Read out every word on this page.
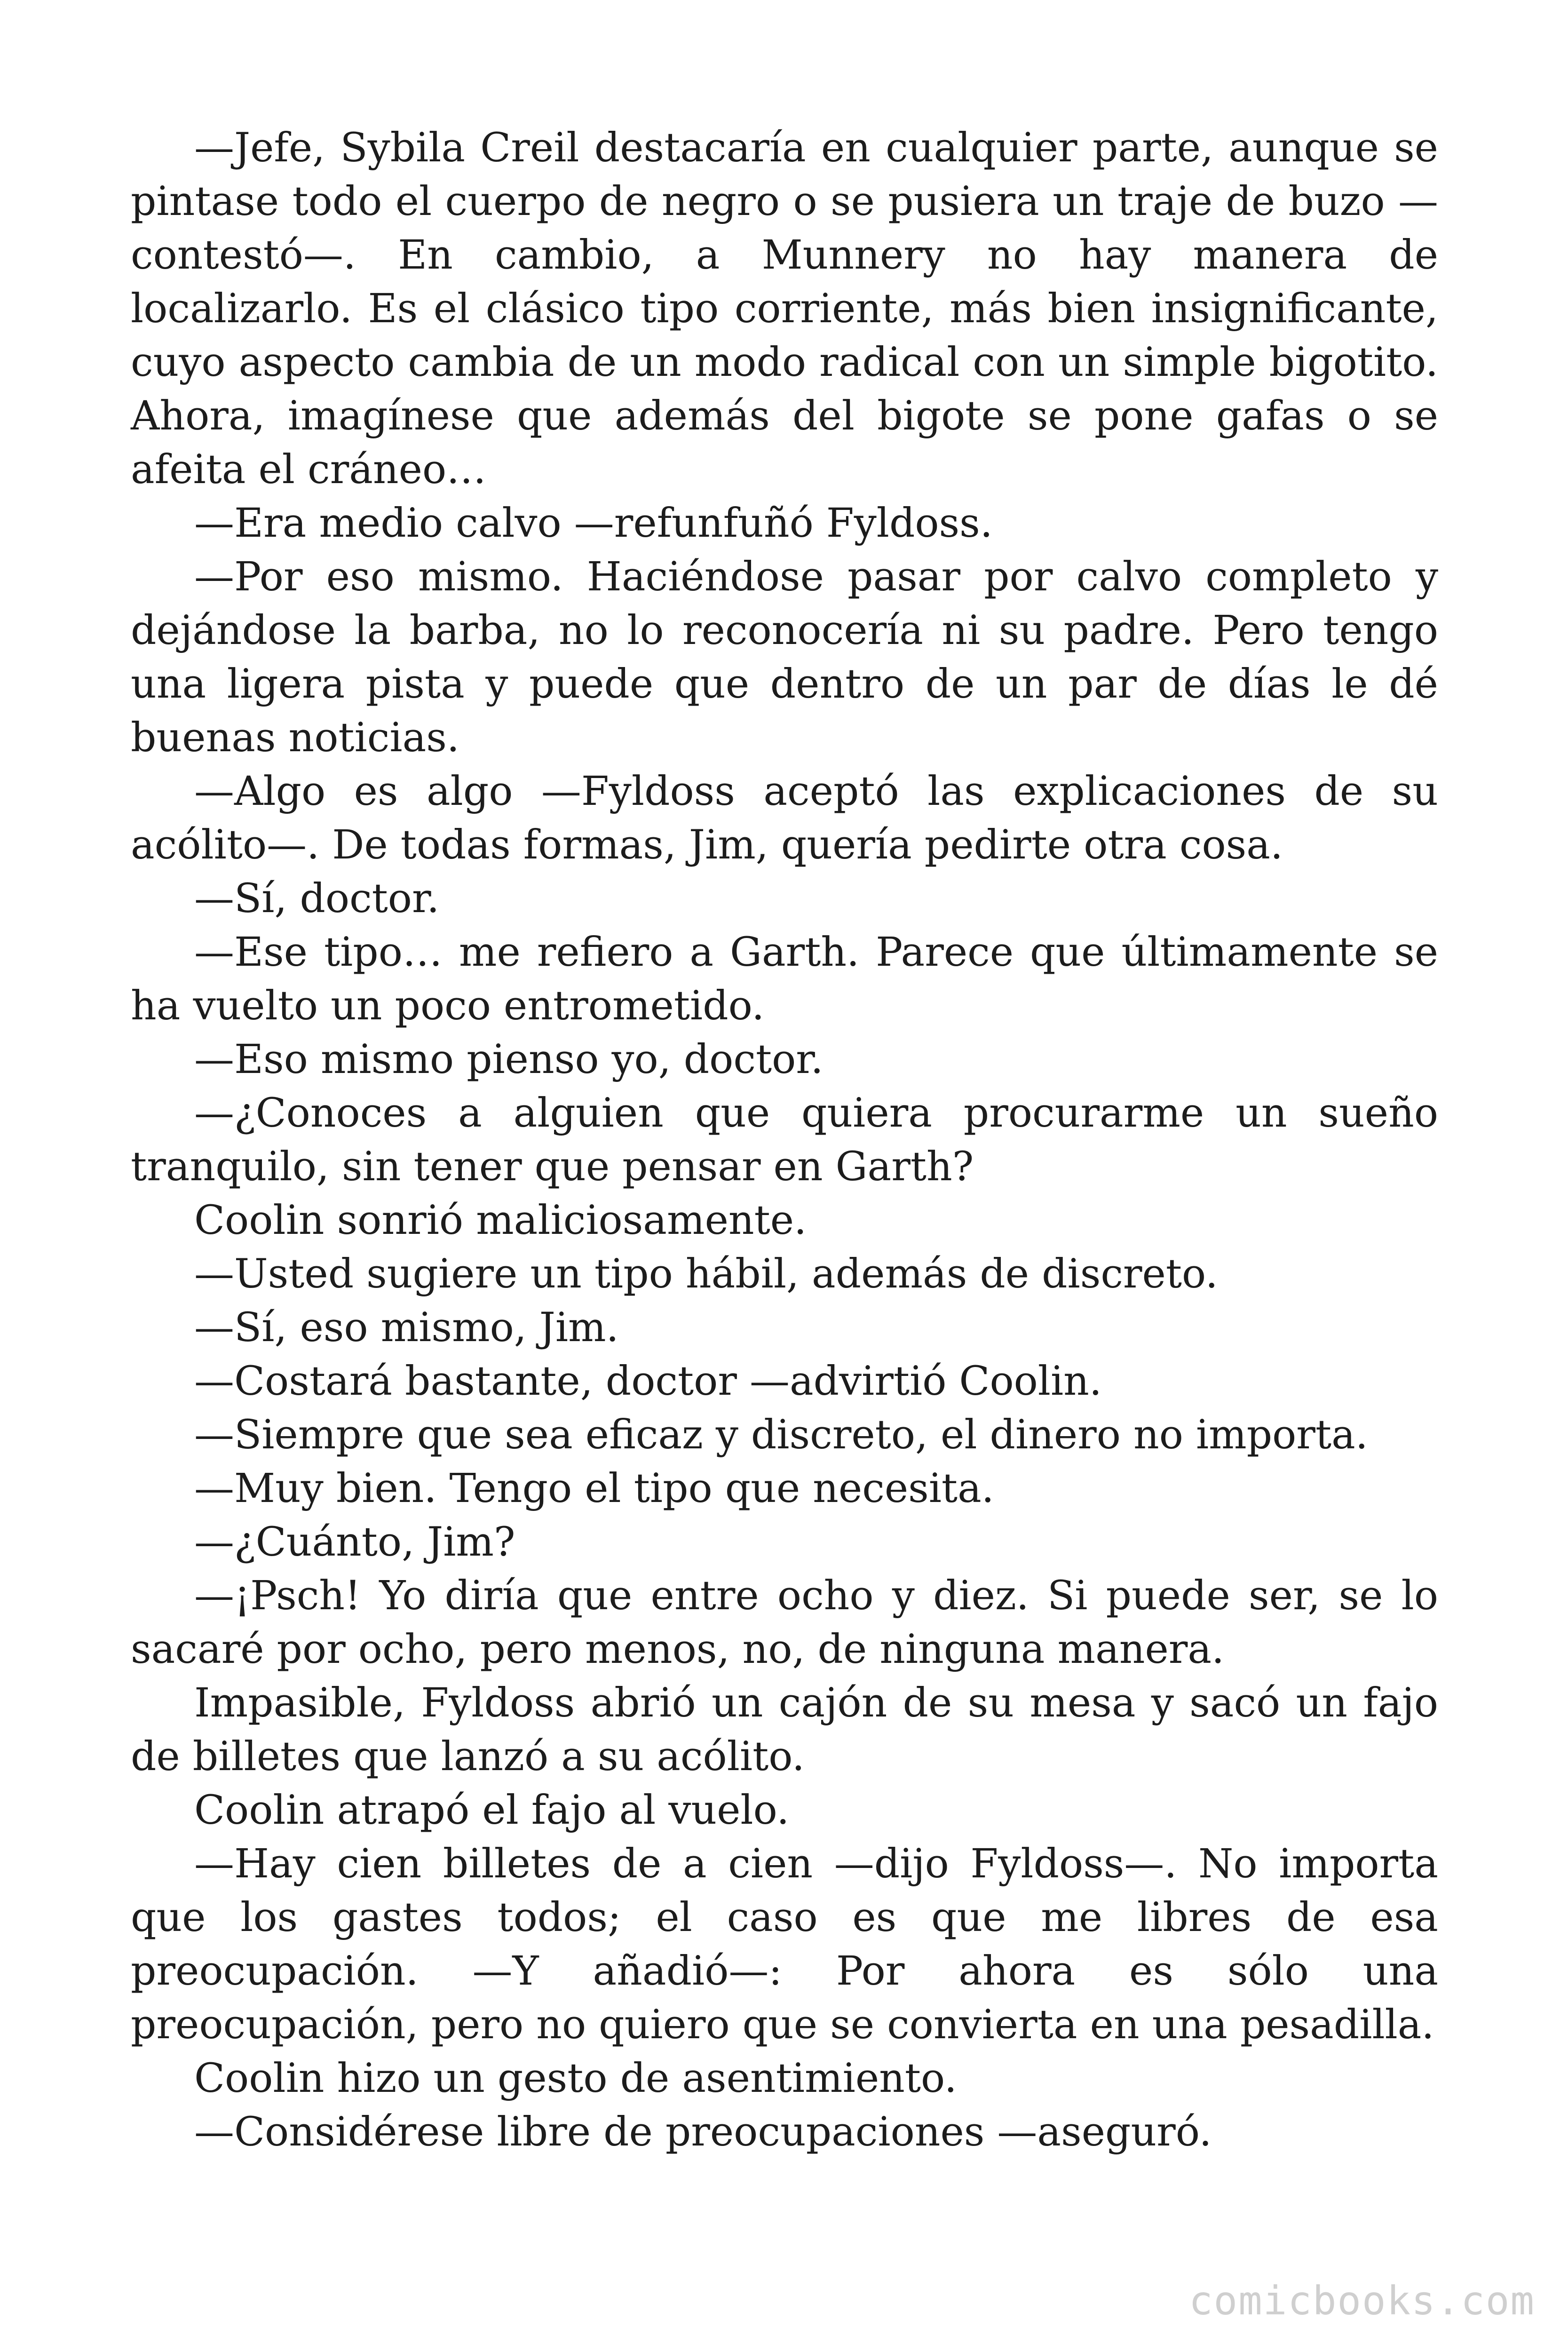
—Jefe, Sybila Creil destacaría en cualquier parte, aunque se pintase todo el cuerpo de negro o se pusiera un traje de buzo —contestó—. En cambio, a Munnery no hay manera de localizarlo. Es el clásico tipo corriente, más bien insignificante, cuyo aspecto cambia de un modo radical con un simple bigotito. Ahora, imagínese que además del bigote se pone gafas o se afeita el cráneo…

—Era medio calvo —refunfuñó Fyldoss.

—Por eso mismo. Haciéndose pasar por calvo completo y dejándose la barba, no lo reconocería ni su padre. Pero tengo una ligera pista y puede que dentro de un par de días le dé buenas noticias.

—Algo es algo —Fyldoss aceptó las explicaciones de su acólito—. De todas formas, Jim, quería pedirte otra cosa.

—Sí, doctor.

—Ese tipo… me refiero a Garth. Parece que últimamente se ha vuelto un poco entrometido.

—Eso mismo pienso yo, doctor.

—¿Conoces a alguien que quiera procurarme un sueño tranquilo, sin tener que pensar en Garth?

Coolin sonrió maliciosamente.

—Usted sugiere un tipo hábil, además de discreto.

—Sí, eso mismo, Jim.

—Costará bastante, doctor —advirtió Coolin.

—Siempre que sea eficaz y discreto, el dinero no importa.

—Muy bien. Tengo el tipo que necesita.

—¿Cuánto, Jim?

—¡Psch! Yo diría que entre ocho y diez. Si puede ser, se lo sacaré por ocho, pero menos, no, de ninguna manera.

Impasible, Fyldoss abrió un cajón de su mesa y sacó un fajo de billetes que lanzó a su acólito.

Coolin atrapó el fajo al vuelo.

—Hay cien billetes de a cien —dijo Fyldoss—. No importa que los gastes todos; el caso es que me libres de esa preocupación. —Y añadió—: Por ahora es sólo una preocupación, pero no quiero que se convierta en una pesadilla.

Coolin hizo un gesto de asentimiento.

—Considérese libre de preocupaciones —aseguró.

comicbooks.com
